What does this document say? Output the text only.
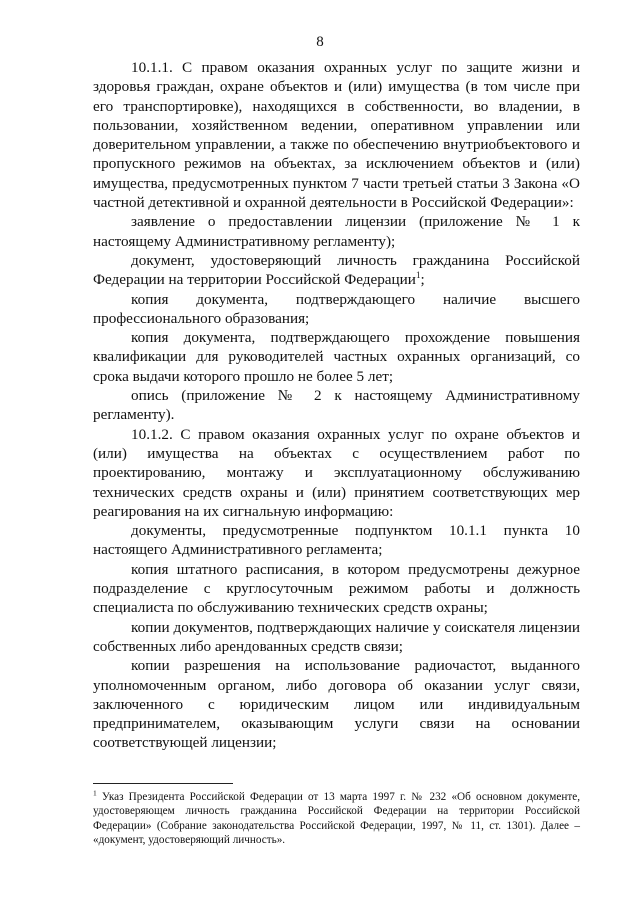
8

10.1.1. С правом оказания охранных услуг по защите жизни и здоровья граждан, охране объектов и (или) имущества (в том числе при его транспортировке), находящихся в собственности, во владении, в пользовании, хозяйственном ведении, оперативном управлении или доверительном управлении, а также по обеспечению внутриобъектового и пропускного режимов на объектах, за исключением объектов и (или) имущества, предусмотренных пунктом 7 части третьей статьи 3 Закона «О частной детективной и охранной деятельности в Российской Федерации»:

заявление о предоставлении лицензии (приложение № 1 к настоящему Административному регламенту);

документ, удостоверяющий личность гражданина Российской Федерации на территории Российской Федерации$^1$;

копия документа, подтверждающего наличие высшего профессионального образования;

копия документа, подтверждающего прохождение повышения квалификации для руководителей частных охранных организаций, со срока выдачи которого прошло не более 5 лет;

опись (приложение № 2 к настоящему Административному регламенту).

10.1.2. С правом оказания охранных услуг по охране объектов и (или) имущества на объектах с осуществлением работ по проектированию, монтажу и эксплуатационному обслуживанию технических средств охраны и (или) принятием соответствующих мер реагирования на их сигнальную информацию:

документы, предусмотренные подпунктом 10.1.1 пункта 10 настоящего Административного регламента;

копия штатного расписания, в котором предусмотрены дежурное подразделение с круглосуточным режимом работы и должность специалиста по обслуживанию технических средств охраны;

копии документов, подтверждающих наличие у соискателя лицензии собственных либо арендованных средств связи;

копии разрешения на использование радиочастот, выданного уполномоченным органом, либо договора об оказании услуг связи, заключенного с юридическим лицом или индивидуальным предпринимателем, оказывающим услуги связи на основании соответствующей лицензии;

$^1$ Указ Президента Российской Федерации от 13 марта 1997 г. № 232 «Об основном документе, удостоверяющем личность гражданина Российской Федерации на территории Российской Федерации» (Собрание законодательства Российской Федерации, 1997, № 11, ст. 1301). Далее – «документ, удостоверяющий личность».
